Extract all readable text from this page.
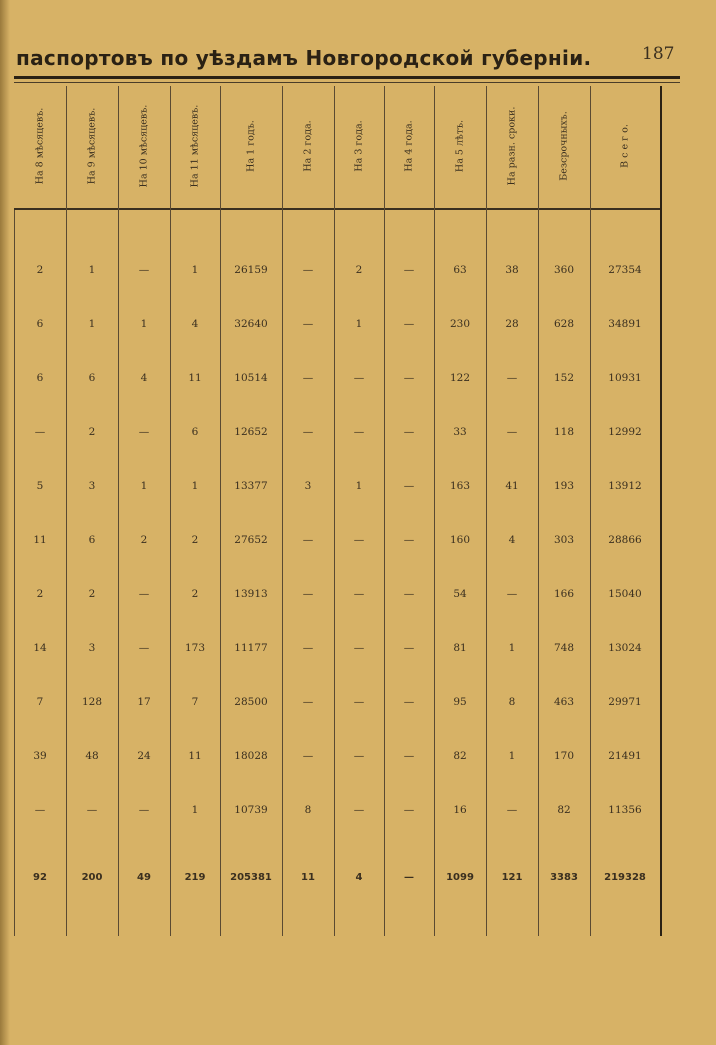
паспортовъ по уѣздамъ Новгородской губерніи.	187
На 8 мѣсяцевъ.	На 9 мѣсяцевъ.	На 10 мѣсяцевъ.	На 11 мѣсяцевъ.	На 1 годъ.	На 2 года.	На 3 года.	На 4 года.	На 5 лѣтъ.	На разн. сроки.	Безсрочныхъ.	В с е г о.
2	1	—	1	26159	—	2	—	63	38	360	27354
6	1	1	4	32640	—	1	—	230	28	628	34891
6	6	4	11	10514	—	—	—	122	—	152	10931
—	2	—	6	12652	—	—	—	33	—	118	12992
5	3	1	1	13377	3	1	—	163	41	193	13912
11	6	2	2	27652	—	—	—	160	4	303	28866
2	2	—	2	13913	—	—	—	54	—	166	15040
14	3	—	173	11177	—	—	—	81	1	748	13024
7	128	17	7	28500	—	—	—	95	8	463	29971
39	48	24	11	18028	—	—	—	82	1	170	21491
—	—	—	1	10739	8	—	—	16	—	82	11356
92	200	49	219	205381	11	4	—	1099	121	3383	219328
